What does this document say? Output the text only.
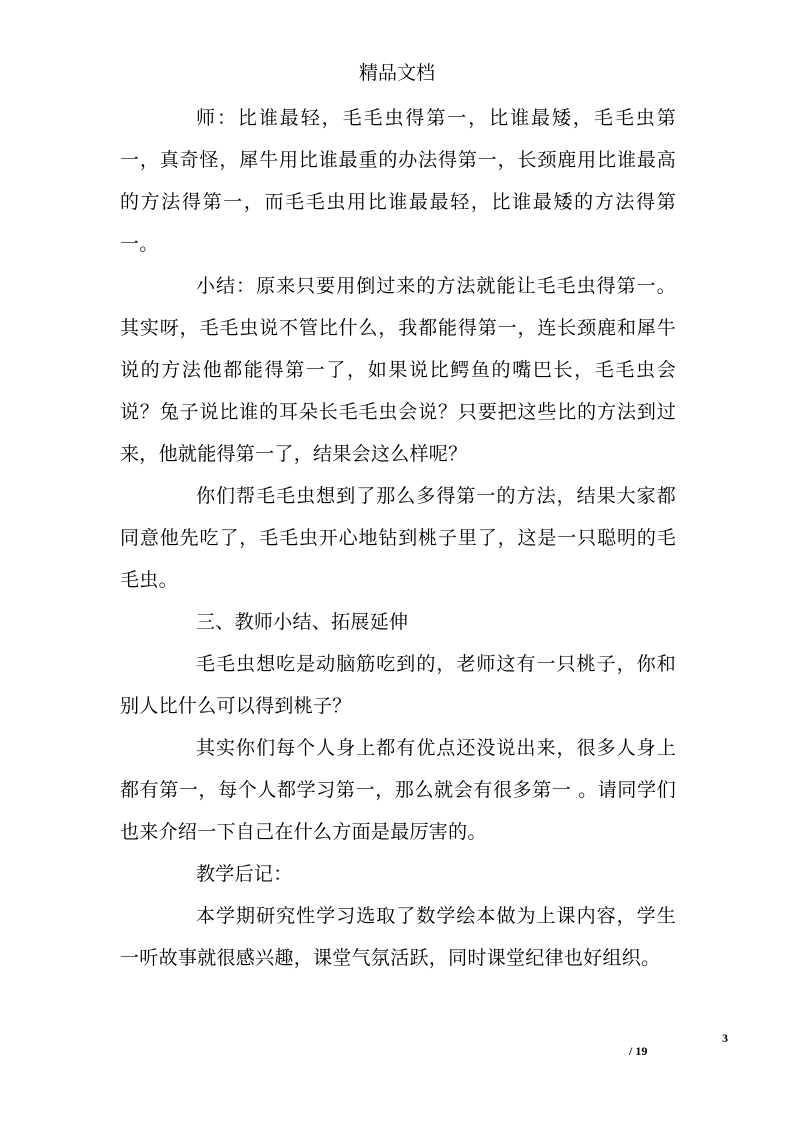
精品文档

师：比谁最轻，毛毛虫得第一，比谁最矮，毛毛虫第一，真奇怪，犀牛用比谁最重的办法得第一，长颈鹿用比谁最高的方法得第一，而毛毛虫用比谁最最轻，比谁最矮的方法得第一。

小结：原来只要用倒过来的方法就能让毛毛虫得第一。其实呀，毛毛虫说不管比什么，我都能得第一，连长颈鹿和犀牛说的方法他都能得第一了，如果说比鳄鱼的嘴巴长，毛毛虫会说？兔子说比谁的耳朵长毛毛虫会说？只要把这些比的方法到过来，他就能得第一了，结果会这么样呢？

你们帮毛毛虫想到了那么多得第一的方法，结果大家都同意他先吃了，毛毛虫开心地钻到桃子里了，这是一只聪明的毛毛虫。

三、教师小结、拓展延伸

毛毛虫想吃是动脑筋吃到的，老师这有一只桃子，你和别人比什么可以得到桃子？

其实你们每个人身上都有优点还没说出来，很多人身上都有第一，每个人都学习第一，那么就会有很多第一 。请同学们也来介绍一下自己在什么方面是最厉害的。

教学后记：

本学期研究性学习选取了数学绘本做为上课内容，学生一听故事就很感兴趣，课堂气氛活跃，同时课堂纪律也好组织。

3
/ 19
